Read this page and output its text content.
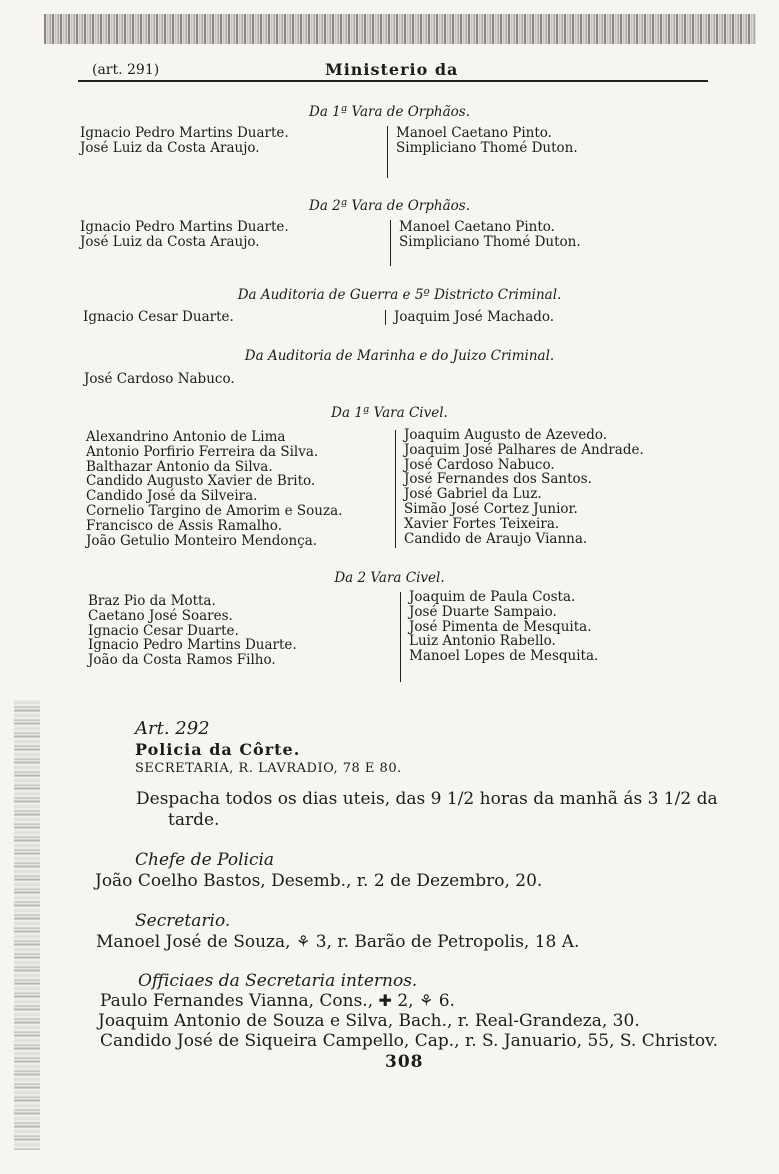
(art. 291)	Ministerio da
Da 1ª Vara de Orphãos.
Ignacio Pedro Martins Duarte.
José Luiz da Costa Araujo.
Manoel Caetano Pinto.
Simpliciano Thomé Duton.
Da 2ª Vara de Orphãos.
Ignacio Pedro Martins Duarte.
José Luiz da Costa Araujo.
Manoel Caetano Pinto.
Simpliciano Thomé Duton.
Da Auditoria de Guerra e 5º Districto Criminal.
Ignacio Cesar Duarte.	Joaquim José Machado.
Da Auditoria de Marinha e do Juizo Criminal.
José Cardoso Nabuco.
Da 1ª Vara Civel.
Alexandrino Antonio de Lima
Antonio Porfirio Ferreira da Silva.
Balthazar Antonio da Silva.
Candido Augusto Xavier de Brito.
Candido José da Silveira.
Cornelio Targino de Amorim e Souza.
Francisco de Assis Ramalho.
João Getulio Monteiro Mendonça.
Joaquim Augusto de Azevedo.
Joaquim José Palhares de Andrade.
José Cardoso Nabuco.
José Fernandes dos Santos.
José Gabriel da Luz.
Simão José Cortez Junior.
Xavier Fortes Teixeira.
Candido de Araujo Vianna.
Da 2 Vara Civel.
Braz Pio da Motta.
Caetano José Soares.
Ignacio Cesar Duarte.
Ignacio Pedro Martins Duarte.
João da Costa Ramos Filho.
Joaquim de Paula Costa.
José Duarte Sampaio.
José Pimenta de Mesquita.
Luiz Antonio Rabello.
Manoel Lopes de Mesquita.
Art. 292
Policia da Côrte.
SECRETARIA, R. LAVRADIO, 78 E 80.
Despacha todos os dias uteis, das 9 1/2 horas da manhã ás 3 1/2 da
tarde.
Chefe de Policia
João Coelho Bastos, Desemb., r. 2 de Dezembro, 20.
Secretario.
Manoel José de Souza, ⚘ 3, r. Barão de Petropolis, 18 A.
Officiaes da Secretaria internos.
Paulo Fernandes Vianna, Cons., ✚ 2, ⚘ 6.
Joaquim Antonio de Souza e Silva, Bach., r. Real-Grandeza, 30.
Candido José de Siqueira Campello, Cap., r. S. Januario, 55, S. Christov.
308
